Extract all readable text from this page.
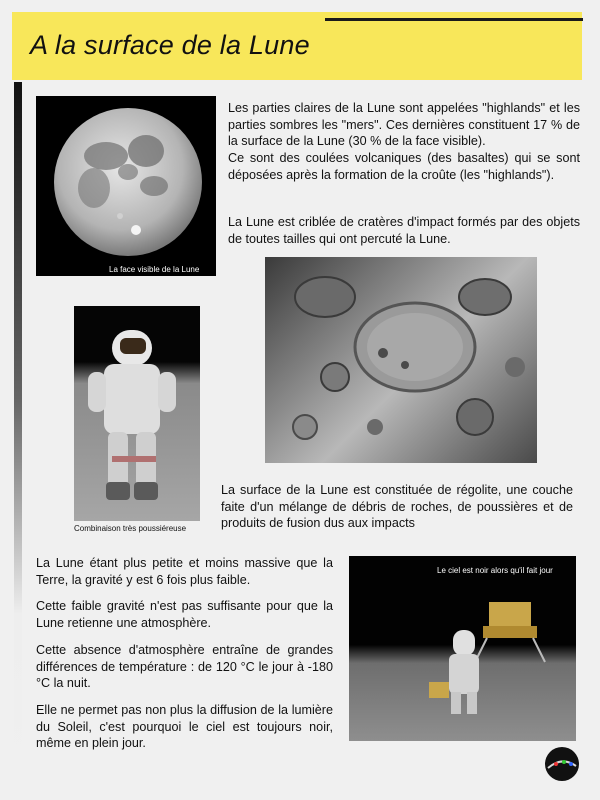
A la surface de la Lune
La face visible de la Lune

Les parties claires de la Lune sont appelées "highlands" et les parties sombres les "mers". Ces dernières constituent 17 % de la surface de la Lune (30 % de la face visible).

Ce sont des coulées volcaniques (des basaltes) qui se sont déposées après la formation de la croûte (les "highlands").

La Lune est criblée de cratères d'impact formés par des objets de toutes tailles qui ont percuté la Lune.

Combinaison très poussiéreuse

La surface de la Lune est constituée de régolite, une couche faite d'un mélange de débris de roches, de poussières et de produits de fusion dus aux impacts

La Lune étant plus petite et moins massive que la Terre, la gravité y est 6 fois plus faible.

Cette faible gravité n'est pas suffisante pour que la Lune retienne une atmosphère.

Cette absence d'atmosphère entraîne de grandes différences de température : de 120 °C le jour à -180 °C la nuit.

Elle ne permet pas non plus la diffusion de la lumière du Soleil, c'est pourquoi le ciel est toujours noir, même en plein jour.

Le ciel est noir alors qu'il fait jour
